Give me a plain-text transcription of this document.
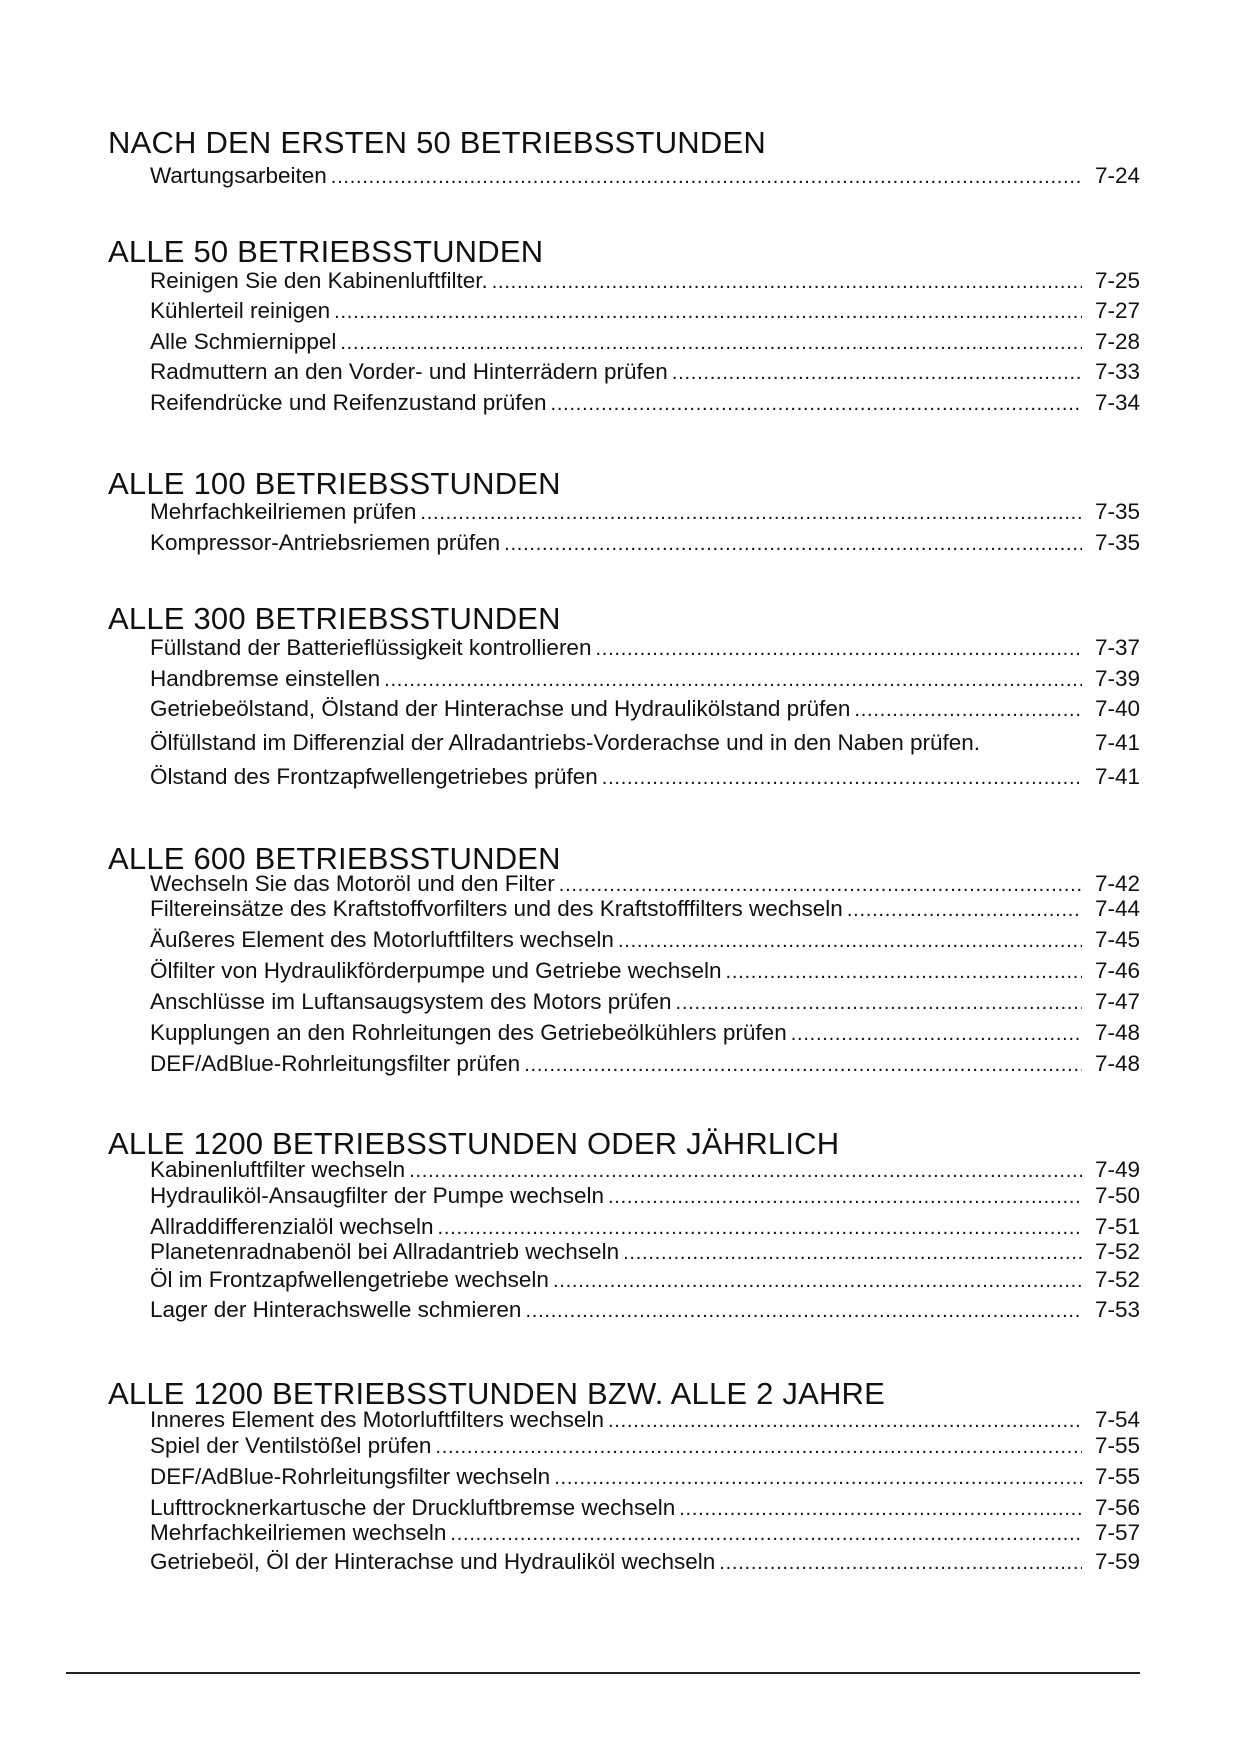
NACH DEN ERSTEN 50 BETRIEBSSTUNDEN
Wartungsarbeiten . . .	7-24
ALLE 50 BETRIEBSSTUNDEN
Reinigen Sie den Kabinenluftfilter. . . .	7-25
Kühlerteil reinigen . . .	7-27
Alle Schmiernippel . . .	7-28
Radmuttern an den Vorder- und Hinterrädern prüfen . . .	7-33
Reifendrücke und Reifenzustand prüfen . . .	7-34
ALLE 100 BETRIEBSSTUNDEN
Mehrfachkeilriemen prüfen . . .	7-35
Kompressor-Antriebsriemen prüfen . . .	7-35
ALLE 300 BETRIEBSSTUNDEN
Füllstand der Batterieflüssigkeit kontrollieren . . .	7-37
Handbremse einstellen . . .	7-39
Getriebeölstand, Ölstand der Hinterachse und Hydraulikölstand prüfen . . .	7-40
Ölfüllstand im Differenzial der Allradantriebs-Vorderachse und in den Naben prüfen.	7-41
Ölstand des Frontzapfwellengetriebes prüfen . . .	7-41
ALLE 600 BETRIEBSSTUNDEN
Wechseln Sie das Motoröl und den Filter . . .	7-42
Filtereinsätze des Kraftstoffvorfilters und des Kraftstofffilters wechseln . . .	7-44
Äußeres Element des Motorluftfilters wechseln . . .	7-45
Ölfilter von Hydraulikförderpumpe und Getriebe wechseln . . .	7-46
Anschlüsse im Luftansaugsystem des Motors prüfen . . .	7-47
Kupplungen an den Rohrleitungen des Getriebeölkühlers prüfen . . .	7-48
DEF/AdBlue-Rohrleitungsfilter prüfen . . .	7-48
ALLE 1200 BETRIEBSSTUNDEN ODER JÄHRLICH
Kabinenluftfilter wechseln . . .	7-49
Hydrauliköl-Ansaugfilter der Pumpe wechseln . . .	7-50
Allraddifferenzialöl wechseln . . .	7-51
Planetenradnabenöl bei Allradantrieb wechseln . . .	7-52
Öl im Frontzapfwellengetriebe wechseln . . .	7-52
Lager der Hinterachswelle schmieren . . .	7-53
ALLE 1200 BETRIEBSSTUNDEN BZW. ALLE 2 JAHRE
Inneres Element des Motorluftfilters wechseln . . .	7-54
Spiel der Ventilstößel prüfen . . .	7-55
DEF/AdBlue-Rohrleitungsfilter wechseln . . .	7-55
Lufttrocknerkartusche der Druckluftbremse wechseln . . .	7-56
Mehrfachkeilriemen wechseln . . .	7-57
Getriebeöl, Öl der Hinterachse und Hydrauliköl wechseln . . .	7-59
